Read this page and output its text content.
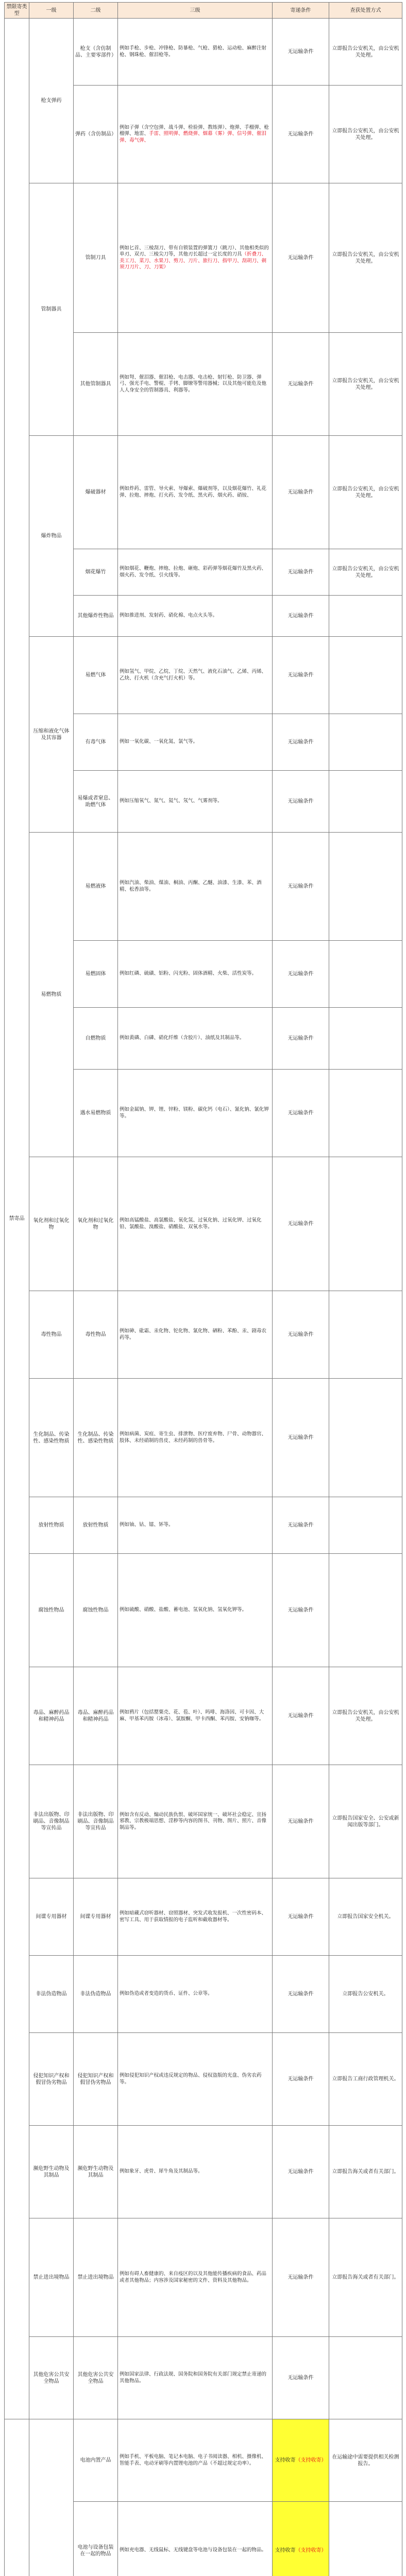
禁限寄类型	一级	二级	三级	寄递条件	查获处置方式
禁寄品	枪支弹药	枪支（含仿制品、主要零部件）	例如手枪、步枪、冲锋枪、防暴枪、气枪、猎枪、运动枪、麻醉注射枪、钢珠枪、催泪枪等。	无运输条件	立即报告公安机关，由公安机关处理。
		弹药（含仿制品）	例如子弹（含空包弹、战斗弹、检验弹、教练弹）、炮弹、手榴弹、枪榴弹、地雷、手雷、照明弹、燃烧弹、烟幕（雾）弹、信号弹、催泪弹、毒气弹、	无运输条件	立即报告公安机关，由公安机关处理。
	管制器具	管制刀具	例如匕首、三棱刮刀、带有自锁装置的弹簧刀（跳刀）、其他相类似的单刃、双刃、三棱尖刀等，其他刃长超过一定长度的刀具（折叠刀、美工刀、菜刀、水果刀、剪刀、刀片、旅行刀、指甲刀、刮胡刀、剃须刀刀片、刀、刀架）	无运输条件	立即报告公安机关，由公安机关处理。
		其他管制器具	例如弩、催泪器、催泪枪、电击器、电击枪、射钉枪、防卫器、弹弓、强光手电、警棍、手铐、脚镣等警用器械；以及其他可能危及他人人身安全的管制器具、利器等。	无运输条件	立即报告公安机关，由公安机关处理。
	爆炸物品	爆破器材	例如炸药、雷管、导火索、导爆索、爆破剂等，以及烟花爆竹、礼花弹、拉炮、摔炮、打火药、发令纸、黑火药、烟火药、硝铵、	无运输条件	立即报告公安机关，由公安机关处理。
		烟花爆竹	例如烟花、鞭炮、摔炮、拉炮、砸炮、彩药弹等烟花爆竹及黑火药、烟火药、发令纸、引火线等。	无运输条件	立即报告公安机关，由公安机关处理。
		其他爆炸性物品	例如推进剂、发射药、硝化棉、电点火头等。	无运输条件	
	压缩和液化气体及其容器	易燃气体	例如氢气、甲烷、乙烷、丁烷、天然气、液化石油气、乙烯、丙烯、乙炔、打火机（含充气打火机）等。	无运输条件	
		有毒气体	例如一氧化碳、一氧化氮、氯气等。	无运输条件	
		易爆或者窒息、助燃气体	例如压缩氧气、氮气、氦气、氖气、气雾剂等。	无运输条件	
	易燃物质	易燃液体	例如汽油、柴油、煤油、桐油、丙酮、乙醚、油漆、生漆、苯、酒精、松香油等。	无运输条件	
		易燃固体	例如红磷、硫磺、铝粉、闪光粉、固体酒精、火柴、活性炭等。	无运输条件	
		自燃物质	例如黄磷、白磷、硝化纤维（含胶片）、油纸及其制品等。	无运输条件	
		遇水易燃物质	例如金属钠、钾、锂、锌粉、镁粉、碳化钙（电石）、氰化钠、氰化钾等。	无运输条件	
	氧化剂和过氧化物	氧化剂和过氧化物	例如高锰酸盐、高氯酸盐、氧化氢、过氧化钠、过氧化钾、过氧化铅、氯酸盐、溴酸盐、硝酸盐、双氧水等。	无运输条件	
	毒性物品	毒性物品	例如砷、砒霜、汞化物、铊化物、氰化物、硒粉、苯酚、汞、剧毒农药等。	无运输条件	
	生化制品、传染性、感染性物质	生化制品、传染性、感染性物质	例如病菌、炭疽、寄生虫、排泄物、医疗废弃物、尸骨、动物器官、肢体、未经硝制的兽皮、未经药制的兽骨等。	无运输条件	
	放射性物质	放射性物质	例如铀、钴、镭、钚等。	无运输条件	
	腐蚀性物品	腐蚀性物品	例如硫酸、硝酸、盐酸、蓄电池、氢氧化钠、氢氧化钾等。	无运输条件	
	毒品、麻醉药品和精神药品	毒品、麻醉药品和精神药品	例如鸦片（包括罂粟壳、花、苞、叶）、吗啡、海洛因、可卡因、大麻、甲基苯丙胺（冰毒）、氯胺酮、甲卡西酮、苯丙胺、安钠咖等。	无运输条件	立即报告公安机关，由公安机关处理。
	非法出版物、印刷品、音像制品等宣传品	非法出版物、印刷品、音像制品等宣传品	例如含有反动、煽动民族仇恨、破坏国家统一、破坏社会稳定、宣扬邪教、宗教极端思想、淫秽等内容的图书、刊物、图片、照片、音像制品等。	无运输条件	立即报告国家安全、公安或新闻出版等部门。
	间谍专用器材	间谍专用器材	例如暗藏式窃听器材、窃照器材、突发式收发报机、一次性密码本、密写工具、用于获取情报的电子监听和截收器材等。	无运输条件	立即报告国家安全机关。
	非法伪造物品	非法伪造物品	例如伪造或者变造的货币、证件、公章等。	无运输条件	立即报告公安机关。
	侵犯知识产权和假冒伪劣物品	侵犯知识产权和假冒伪劣物品	例如侵犯知识产权或违反规定的物品、侵权盗版的光盘、伪劣农药等。	无运输条件	立即报告工商行政管理机关。
	濒危野生动物及其制品	濒危野生动物及其制品	例如象牙、虎骨、犀牛角及其制品等。	无运输条件	立即报告海关或者有关部门。
	禁止进出境物品	禁止进出境物品	例如有碍人畜健康的、来自疫区的以及其他能传播疾病的食品、药品或者其他物品；内容涉及国家秘密的文件、资料及其他物品。	无运输条件	立即报告海关或者有关部门。
	其他危害公共安全物品	其他危害公共安全物品	例如国家法律、行政法规、国务院和国务院有关部门规定禁止寄递的其他物品。	无运输条件	
		电池内置产品	例如手机、平板电脑、笔记本电脑、电子书阅读器、相机、摄像机、智能手表、电动牙刷等内置锂电池的产品（不超过规定功率）。	支持收寄（支持收寄）	在运输途中需要提供相关检测报告。
		电池与设备包装在一起的物品	例如充电器、无线鼠标、无线键盘等电池与设备包装在一起的物品。	支持收寄（支持收寄）	
